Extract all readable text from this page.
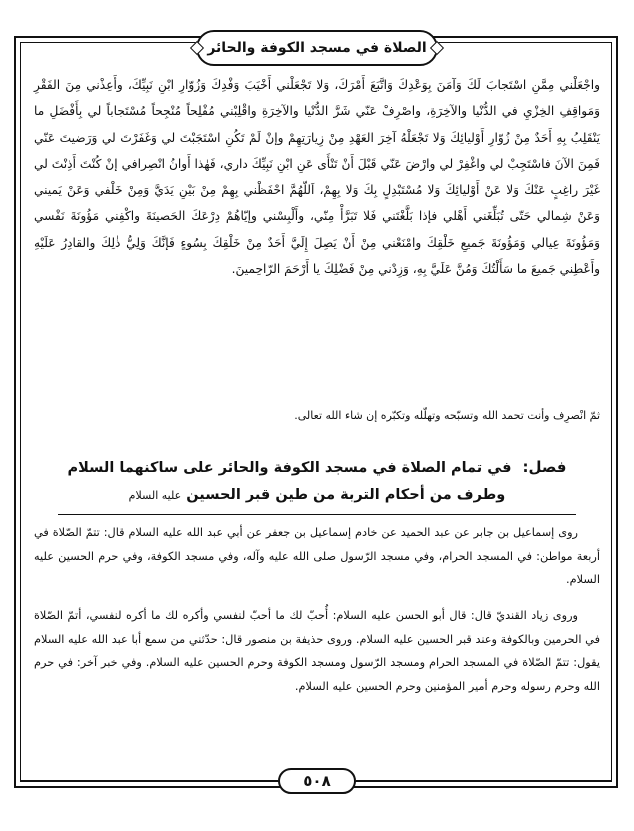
الصلاة في مسجد الكوفة والحائر

واجْعَلْني مِمَّنِ اسْتَجابَ لَكَ وَآمَنَ بِوَعْدِكَ وَاتَّبَعَ أَمْرَكَ، وَلا تَجْعَلْني أَخْيَبَ وَفْدِكَ وَزُوّارِ ابْنِ نَبِيِّكَ، وأَعِذْني مِنَ الفَقْرِ وَمَواقِفِ الخِزْيِ في الدُّنْيا والآخِرَةِ، واصْرِفْ عَنّي شَرَّ الدُّنْيا والآخِرَةِ واقْلِبْني مُفْلِحاً مُنْجِحاً مُسْتَجاباً لي بِأَفْضَلِ ما يَنْقَلِبُ بِهِ أَحَدٌ مِنْ زُوّارِ أَوْليائِكَ وَلا تَجْعَلْهُ آخِرَ العَهْدِ مِنْ زِيارَتِهِمْ وإنْ لَمْ تَكُنِ اسْتَجَبْتَ لي وَغَفَرْتَ لي وَرَضيتَ عَنّي فَمِنَ الآنَ فاسْتَجِبْ لي واغْفِرْ لي وارْضَ عَنّي قَبْلَ أَنْ تَنْأَى عَنِ ابْنِ نَبِيِّكَ داري، فَهٰذا أَوانُ انْصِرافي إنْ كُنْتَ أَذِنْتَ لي غَيْرَ راغِبٍ عَنْكَ وَلا عَنْ أَوْليائِكَ وَلا مُسْتَبْدِلٍ بِكَ وَلا بِهِمْ، اَللّهُمَّ احْفَظْني بِهِمْ مِنْ بَيْنِ يَدَيَّ وَمِنْ خَلْفي وَعَنْ يَميني وَعَنْ شِمالي حَتّى تُبَلِّغَني أَهْلي فإذا بَلَّغْتَني فَلا تَبَرَّأْ مِنّي، وأَلْبِسْني وإيّاهُمْ دِرْعَكَ الحَصينَةَ واكْفِني مَؤُونَةَ نَفْسي وَمَؤُونَةَ عِيالي وَمَؤُونَةَ جَميعِ خَلْقِكَ وامْنَعْني مِنْ أَنْ يَصِلَ إِلَيَّ أَحَدٌ مِنْ خَلْقِكَ بِسُوءٍ فَإنَّكَ وَلِيُّ ذٰلِكَ والقادِرُ عَلَيْهِ وأَعْطِني جَميعَ ما سَأَلْتُكَ وَمُنَّ عَلَيَّ بِهِ، وَزِدْني مِنْ فَضْلِكَ يا أَرْحَمَ الرّاحِمينَ.

ثمّ انْصرِف وأنت تحمد الله وتسبّحه وتهلّله وتكبّره إن شاء الله تعالى.
فصل: في تمام الصلاة في مسجد الكوفة والحائر على ساكنهما السلام
وطرف من أحكام التربة من طين قبر الحسين عليه السلام

روى إسماعيل بن جابر عن عبد الحميد عن خادم إسماعيل بن جعفر عن أبي عبد الله عليه السلام قال: تتمّ الصّلاة في أربعة مواطن: في المسجد الحرام، وفي مسجد الرّسول صلى الله عليه وآله، وفي مسجد الكوفة، وفي حرم الحسين عليه السلام.

وروى زياد القنديّ قال: قال أبو الحسن عليه السلام: أُحبّ لك ما أحبّ لنفسي وأكره لك ما أكره لنفسي، أتمّ الصّلاة في الحرمين وبالكوفة وعند قبر الحسين عليه السلام. وروى حذيفة بن منصور قال: حدّثني من سمع أبا عبد الله عليه السلام يقول: تتمّ الصّلاة في المسجد الحرام ومسجد الرّسول ومسجد الكوفة وحرم الحسين عليه السلام. وفي خبر آخر: في حرم الله وحرم رسوله وحرم أمير المؤمنين وحرم الحسين عليه السلام.

٥٠٨
